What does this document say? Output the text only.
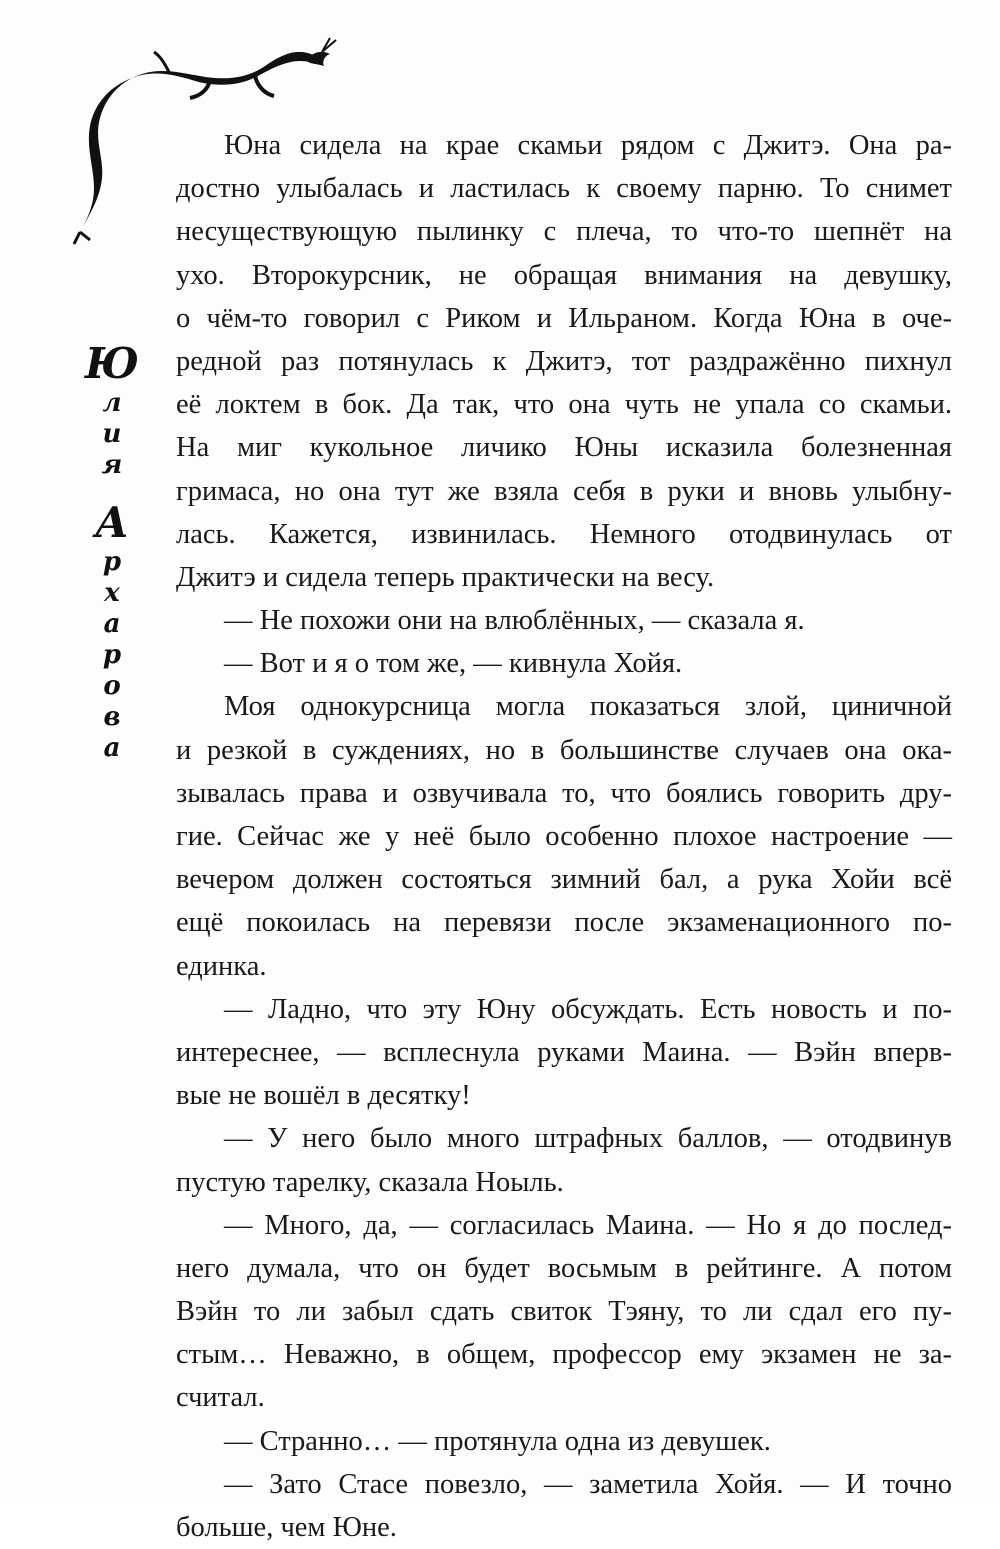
Ю
л
и
я
А
р
х
а
р
о
в
а
Юна сидела на крае скамьи рядом с Джитэ. Она ра-
достно улыбалась и ластилась к своему парню. То снимет
несуществующую пылинку с плеча, то что-то шепнёт на
ухо. Второкурсник, не обращая внимания на девушку,
о чём-то говорил с Риком и Ильраном. Когда Юна в оче-
редной раз потянулась к Джитэ, тот раздражённо пихнул
её локтем в бок. Да так, что она чуть не упала со скамьи.
На миг кукольное личико Юны исказила болезненная
гримаса, но она тут же взяла себя в руки и вновь улыбну-
лась. Кажется, извинилась. Немного отодвинулась от
Джитэ и сидела теперь практически на весу.
— Не похожи они на влюблённых, — сказала я.
— Вот и я о том же, — кивнула Хойя.
Моя однокурсница могла показаться злой, циничной
и резкой в суждениях, но в большинстве случаев она ока-
зывалась права и озвучивала то, что боялись говорить дру-
гие. Сейчас же у неё было особенно плохое настроение —
вечером должен состояться зимний бал, а рука Хойи всё
ещё покоилась на перевязи после экзаменационного по-
единка.
— Ладно, что эту Юну обсуждать. Есть новость и по-
интереснее, — всплеснула руками Маина. — Вэйн вперв-
вые не вошёл в десятку!
— У него было много штрафных баллов, — отодвинув
пустую тарелку, сказала Ноыль.
— Много, да, — согласилась Маина. — Но я до послед-
него думала, что он будет восьмым в рейтинге. А потом
Вэйн то ли забыл сдать свиток Тэяну, то ли сдал его пу-
стым… Неважно, в общем, профессор ему экзамен не за-
считал.
— Странно… — протянула одна из девушек.
— Зато Стасе повезло, — заметила Хойя. — И точно
больше, чем Юне.
